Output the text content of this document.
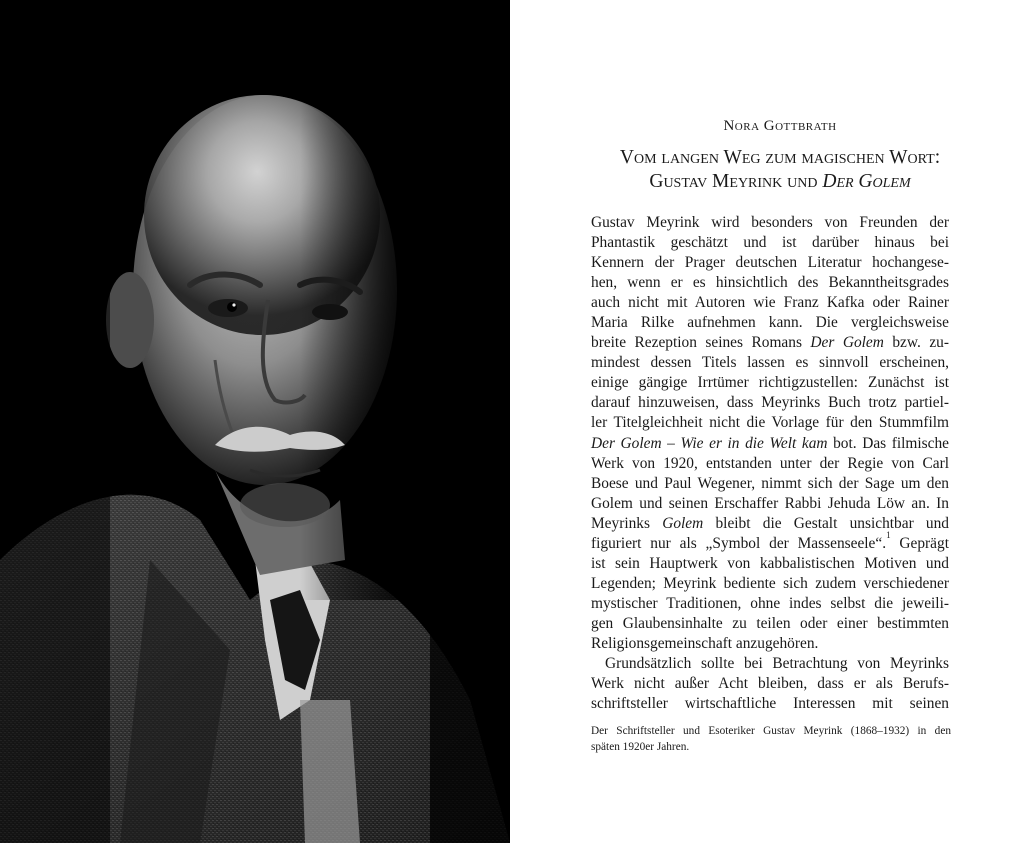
Nora Gottbrath
Vom langen Weg zum magischen Wort:
Gustav Meyrink und Der Golem
Gustav Meyrink wird besonders von Freunden der
Phantastik geschätzt und ist darüber hinaus bei
Kennern der Prager deutschen Literatur hochangese-
hen, wenn er es hinsichtlich des Bekanntheitsgrades
auch nicht mit Autoren wie Franz Kafka oder Rainer
Maria Rilke aufnehmen kann. Die vergleichsweise
breite Rezeption seines Romans Der Golem bzw. zu-
mindest dessen Titels lassen es sinnvoll erscheinen,
einige gängige Irrtümer richtigzustellen: Zunächst ist
darauf hinzuweisen, dass Meyrinks Buch trotz partiel-
ler Titelgleichheit nicht die Vorlage für den Stummfilm
Der Golem – Wie er in die Welt kam bot. Das filmische
Werk von 1920, entstanden unter der Regie von Carl
Boese und Paul Wegener, nimmt sich der Sage um den
Golem und seinen Erschaffer Rabbi Jehuda Löw an. In
Meyrinks Golem bleibt die Gestalt unsichtbar und
figuriert nur als „Symbol der Massenseele“.$^1$ Geprägt
ist sein Hauptwerk von kabbalistischen Motiven und
Legenden; Meyrink bediente sich zudem verschiedener
mystischer Traditionen, ohne indes selbst die jeweili-
gen Glaubensinhalte zu teilen oder einer bestimmten
Religionsgemeinschaft anzugehören.
Grundsätzlich sollte bei Betrachtung von Meyrinks
Werk nicht außer Acht bleiben, dass er als Berufs-
schriftsteller wirtschaftliche Interessen mit seinen
Der Schriftsteller und Esoteriker Gustav Meyrink (1868–1932) in den
späten 1920er Jahren.
